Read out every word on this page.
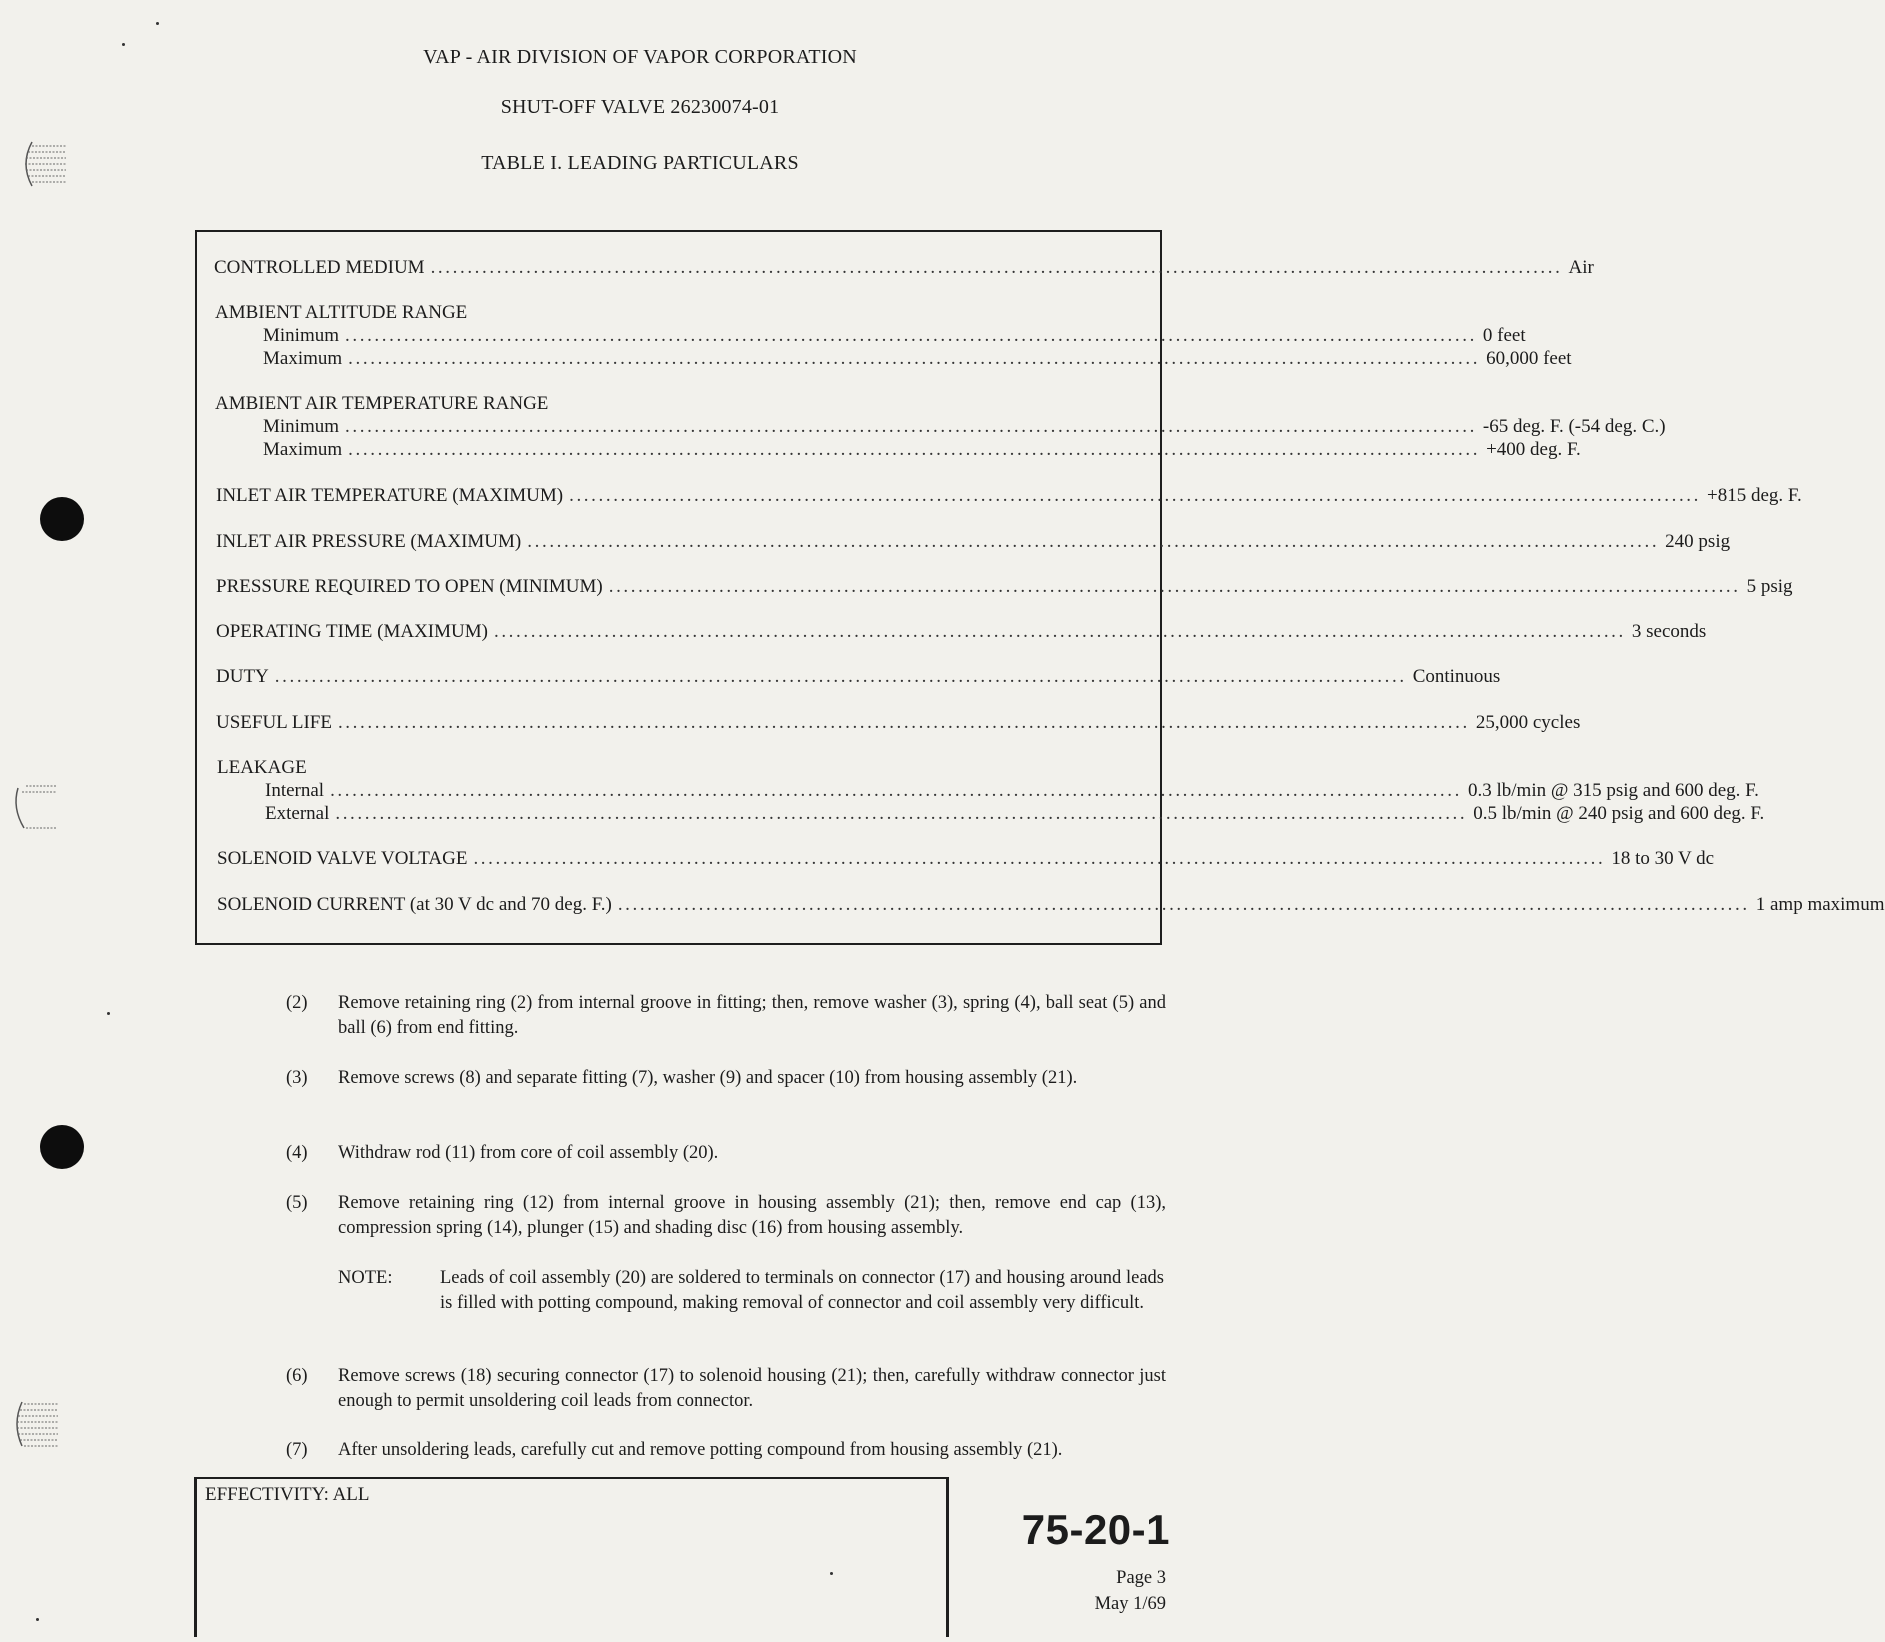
VAP - AIR DIVISION OF VAPOR CORPORATION
SHUT-OFF VALVE 26230074-01
TABLE I. LEADING PARTICULARS
CONTROLLED MEDIUM .......................................................................................................................................................... Air
AMBIENT ALTITUDE RANGE
Minimum .......................................................................................................................................................... 0 feet
Maximum .......................................................................................................................................................... 60,000 feet
AMBIENT AIR TEMPERATURE RANGE
Minimum .......................................................................................................................................................... -65 deg. F. (-54 deg. C.)
Maximum .......................................................................................................................................................... +400 deg. F.
INLET AIR TEMPERATURE (MAXIMUM) .......................................................................................................................................................... +815 deg. F.
INLET AIR PRESSURE (MAXIMUM) .......................................................................................................................................................... 240 psig
PRESSURE REQUIRED TO OPEN (MINIMUM) .......................................................................................................................................................... 5 psig
OPERATING TIME (MAXIMUM) .......................................................................................................................................................... 3 seconds
DUTY .......................................................................................................................................................... Continuous
USEFUL LIFE .......................................................................................................................................................... 25,000 cycles
LEAKAGE
Internal .......................................................................................................................................................... 0.3 lb/min @ 315 psig and 600 deg. F.
External .......................................................................................................................................................... 0.5 lb/min @ 240 psig and 600 deg. F.
SOLENOID VALVE VOLTAGE .......................................................................................................................................................... 18 to 30 V dc
SOLENOID CURRENT (at 30 V dc and 70 deg. F.) .......................................................................................................................................................... 1 amp maximum
(2) Remove retaining ring (2) from internal groove in fitting; then, remove washer (3), spring (4), ball seat (5) and ball (6) from end fitting.
(3) Remove screws (8) and separate fitting (7), washer (9) and spacer (10) from housing assembly (21).
(4) Withdraw rod (11) from core of coil assembly (20).
(5) Remove retaining ring (12) from internal groove in housing assembly (21); then, remove end cap (13), compression spring (14), plunger (15) and shading disc (16) from housing assembly.
NOTE:	Leads of coil assembly (20) are soldered to terminals on connector (17) and housing around leads is filled with potting compound, making removal of connector and coil assembly very difficult.
(6) Remove screws (18) securing connector (17) to solenoid housing (21); then, carefully withdraw connector just enough to permit unsoldering coil leads from connector.
(7) After unsoldering leads, carefully cut and remove potting compound from housing assembly (21).
EFFECTIVITY: ALL
75-20-1
Page 3
May 1/69
